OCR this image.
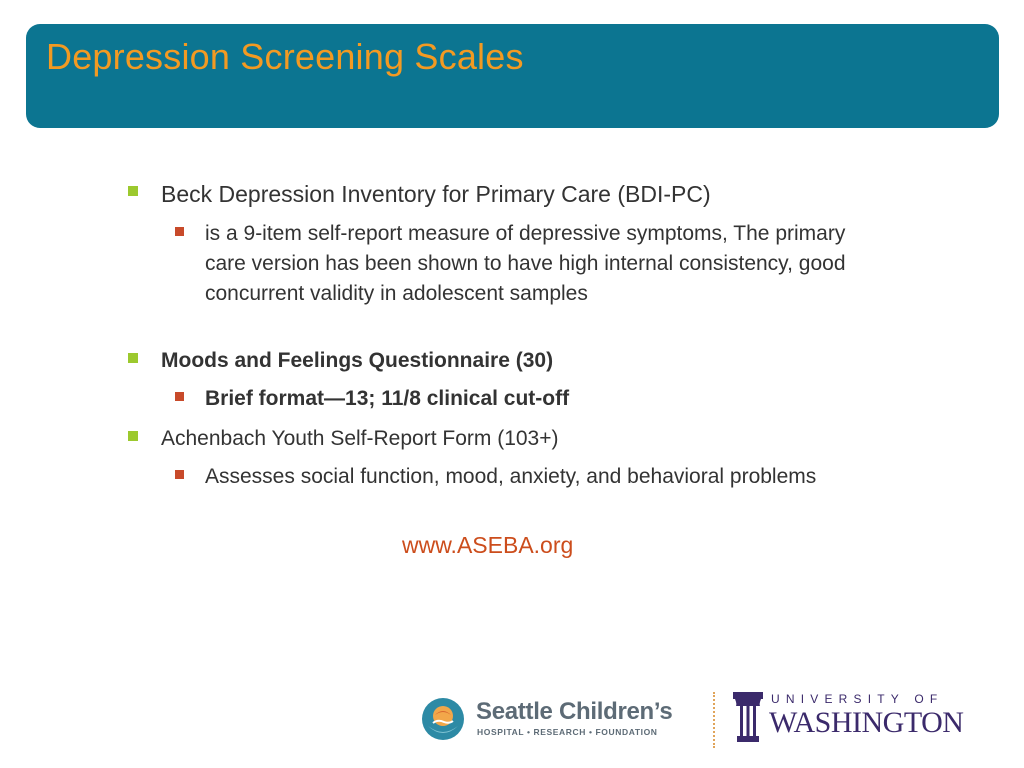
Depression Screening Scales
Beck Depression Inventory for Primary Care (BDI-PC)
is a 9-item self-report measure of depressive symptoms, The primary care version has been shown to have high internal consistency, good concurrent validity in adolescent samples
Moods and Feelings Questionnaire (30)
Brief format—13; 11/8 clinical cut-off
Achenbach Youth Self-Report Form (103+)
Assesses social function, mood, anxiety, and behavioral problems
www.ASEBA.org
Seattle Children’s
HOSPITAL • RESEARCH • FOUNDATION
UNIVERSITY OF
WASHINGTON
